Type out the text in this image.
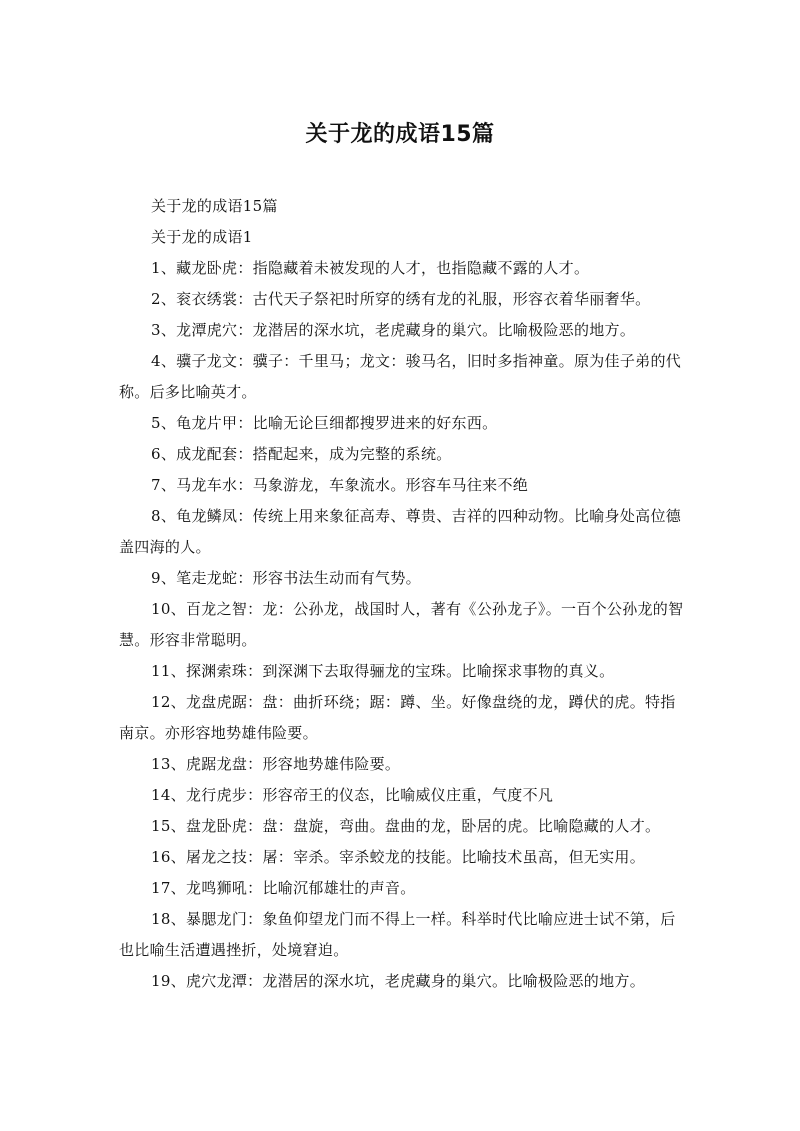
关于龙的成语15篇

关于龙的成语15篇

关于龙的成语1

1、藏龙卧虎：指隐藏着未被发现的人才，也指隐藏不露的人才。

2、衮衣绣裳：古代天子祭祀时所穿的绣有龙的礼服，形容衣着华丽奢华。

3、龙潭虎穴：龙潜居的深水坑，老虎藏身的巢穴。比喻极险恶的地方。

4、骥子龙文：骥子：千里马；龙文：骏马名，旧时多指神童。原为佳子弟的代称。后多比喻英才。

5、龟龙片甲：比喻无论巨细都搜罗进来的好东西。

6、成龙配套：搭配起来，成为完整的系统。

7、马龙车水：马象游龙，车象流水。形容车马往来不绝

8、龟龙鳞凤：传统上用来象征高寿、尊贵、吉祥的四种动物。比喻身处高位德盖四海的人。

9、笔走龙蛇：形容书法生动而有气势。

10、百龙之智：龙：公孙龙，战国时人，著有《公孙龙子》。一百个公孙龙的智慧。形容非常聪明。

11、探渊索珠：到深渊下去取得骊龙的宝珠。比喻探求事物的真义。

12、龙盘虎踞：盘：曲折环绕；踞：蹲、坐。好像盘绕的龙，蹲伏的虎。特指南京。亦形容地势雄伟险要。

13、虎踞龙盘：形容地势雄伟险要。

14、龙行虎步：形容帝王的仪态，比喻威仪庄重，气度不凡

15、盘龙卧虎：盘：盘旋，弯曲。盘曲的龙，卧居的虎。比喻隐藏的人才。

16、屠龙之技：屠：宰杀。宰杀蛟龙的技能。比喻技术虽高，但无实用。

17、龙鸣狮吼：比喻沉郁雄壮的声音。

18、暴腮龙门：象鱼仰望龙门而不得上一样。科举时代比喻应进士试不第，后也比喻生活遭遇挫折，处境窘迫。

19、虎穴龙潭：龙潜居的深水坑，老虎藏身的巢穴。比喻极险恶的地方。
